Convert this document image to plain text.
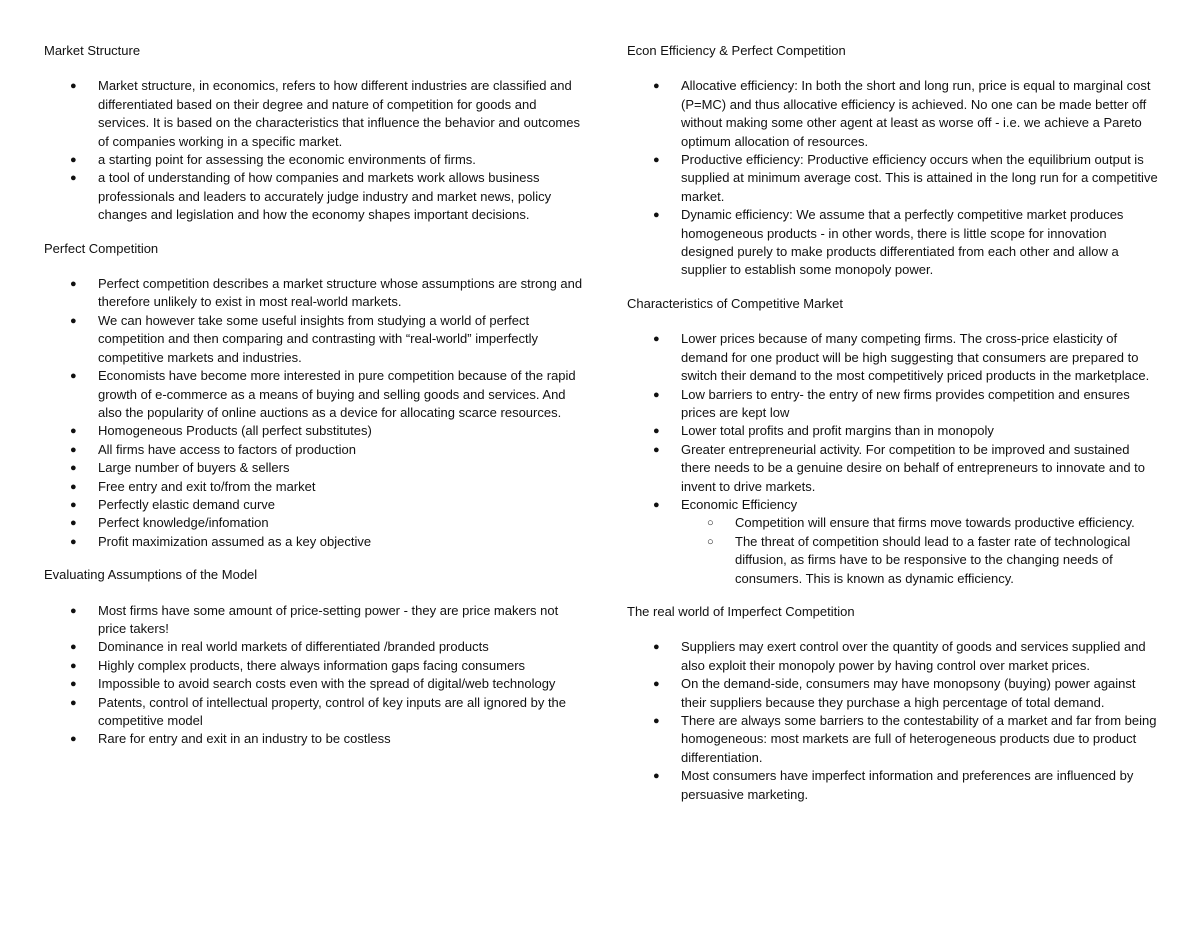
Market Structure
● Market structure, in economics, refers to how different industries are classified and differentiated based on their degree and nature of competition for goods and services. It is based on the characteristics that influence the behavior and outcomes of companies working in a specific market.
● a starting point for assessing the economic environments of firms.
● a tool of understanding of how companies and markets work allows business professionals and leaders to accurately judge industry and market news, policy changes and legislation and how the economy shapes important decisions.
Perfect Competition
● Perfect competition describes a market structure whose assumptions are strong and therefore unlikely to exist in most real-world markets.
● We can however take some useful insights from studying a world of perfect competition and then comparing and contrasting with “real-world” imperfectly competitive markets and industries.
● Economists have become more interested in pure competition because of the rapid growth of e-commerce as a means of buying and selling goods and services. And also the popularity of online auctions as a device for allocating scarce resources.
● Homogeneous Products (all perfect substitutes)
● All firms have access to factors of production
● Large number of buyers & sellers
● Free entry and exit to/from the market
● Perfectly elastic demand curve
● Perfect knowledge/infomation
● Profit maximization assumed as a key objective
Evaluating Assumptions of the Model
● Most firms have some amount of price-setting power - they are price makers not price takers!
● Dominance in real world markets of differentiated /branded products
● Highly complex products, there always information gaps facing consumers
● Impossible to avoid search costs even with the spread of digital/web technology
● Patents, control of intellectual property, control of key inputs are all ignored by the competitive model
● Rare for entry and exit in an industry to be costless
Econ Efficiency & Perfect Competition
● Allocative efficiency: In both the short and long run, price is equal to marginal cost (P=MC) and thus allocative efficiency is achieved. No one can be made better off without making some other agent at least as worse off - i.e. we achieve a Pareto optimum allocation of resources.
● Productive efficiency: Productive efficiency occurs when the equilibrium output is supplied at minimum average cost. This is attained in the long run for a competitive market.
● Dynamic efficiency: We assume that a perfectly competitive market produces homogeneous products - in other words, there is little scope for innovation designed purely to make products differentiated from each other and allow a supplier to establish some monopoly power.
Characteristics of Competitive Market
● Lower prices because of many competing firms. The cross-price elasticity of demand for one product will be high suggesting that consumers are prepared to switch their demand to the most competitively priced products in the marketplace.
● Low barriers to entry- the entry of new firms provides competition and ensures prices are kept low
● Lower total profits and profit margins than in monopoly
● Greater entrepreneurial activity. For competition to be improved and sustained there needs to be a genuine desire on behalf of entrepreneurs to innovate and to invent to drive markets.
● Economic Efficiency
○ Competition will ensure that firms move towards productive efficiency.
○ The threat of competition should lead to a faster rate of technological diffusion, as firms have to be responsive to the changing needs of consumers. This is known as dynamic efficiency.
The real world of Imperfect Competition
● Suppliers may exert control over the quantity of goods and services supplied and also exploit their monopoly power by having control over market prices.
● On the demand-side, consumers may have monopsony (buying) power against their suppliers because they purchase a high percentage of total demand.
● There are always some barriers to the contestability of a market and far from being homogeneous: most markets are full of heterogeneous products due to product differentiation.
● Most consumers have imperfect information and preferences are influenced by persuasive marketing.
